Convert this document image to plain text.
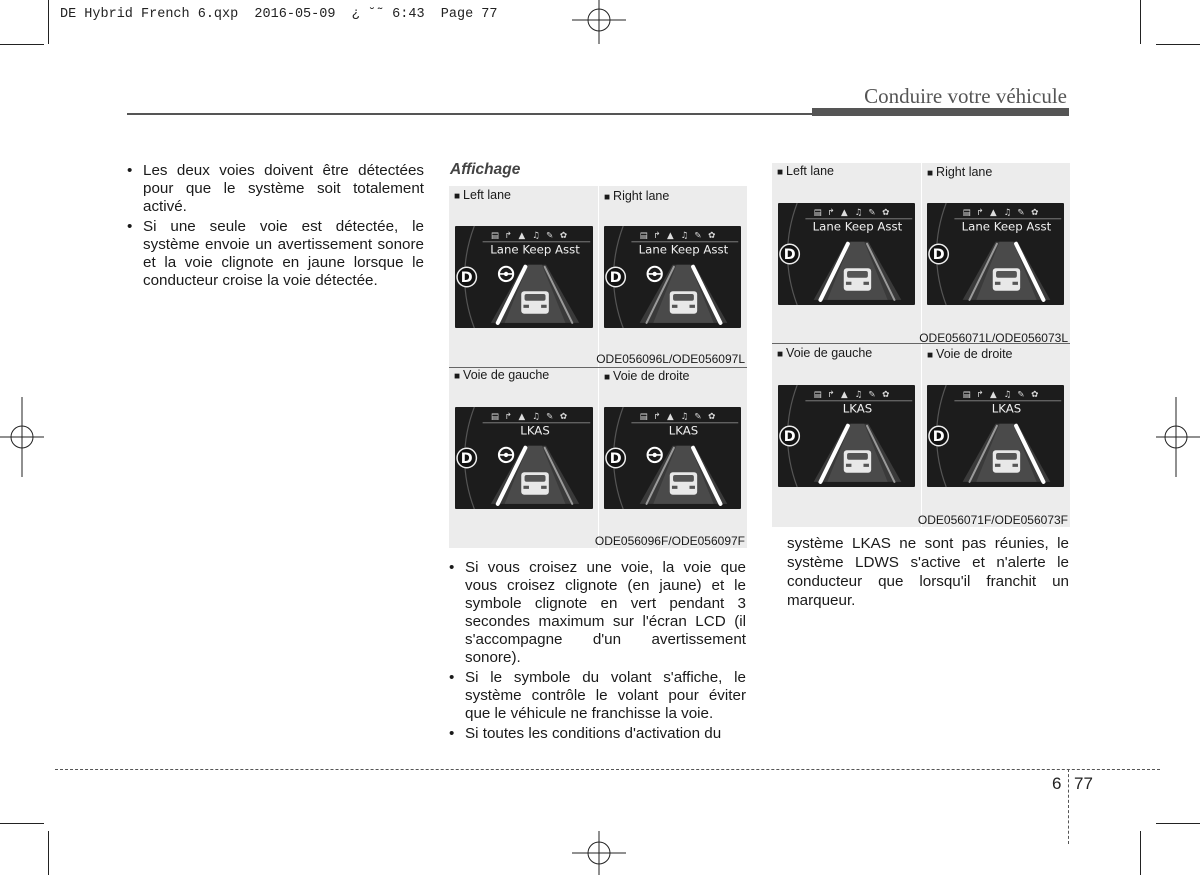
DE Hybrid French 6.qxp  2016-05-09  ¿ ˘˜ 6:43  Page 77
Conduire votre véhicule
• Les deux voies doivent être détectées pour que le système soit totalement activé.
• Si une seule voie est détectée, le système envoie un avertissement sonore et la voie clignote en jaune lorsque le conducteur croise la voie détectée.
Affichage
■ Left lane	■ Right lane
ODE056096L/ODE056097L
■ Voie de gauche	■ Voie de droite
ODE056096F/ODE056097F
▤ ↱ ▲ ♫ ✎ ✿
Lane Keep Asst
D
▤ ↱ ▲ ♫ ✎ ✿
Lane Keep Asst
D
▤ ↱ ▲ ♫ ✎ ✿
LKAS
D
▤ ↱ ▲ ♫ ✎ ✿
LKAS
D
■ Left lane	■ Right lane
ODE056071L/ODE056073L
■ Voie de gauche	■ Voie de droite
ODE056071F/ODE056073F
▤ ↱ ▲ ♫ ✎ ✿
Lane Keep Asst
D
▤ ↱ ▲ ♫ ✎ ✿
Lane Keep Asst
D
▤ ↱ ▲ ♫ ✎ ✿
LKAS
D
▤ ↱ ▲ ♫ ✎ ✿
LKAS
D
• Si vous croisez une voie, la voie que vous croisez clignote (en jaune) et le symbole clignote en vert pendant 3 secondes maximum sur l'écran LCD (il s'accompagne d'un avertissement sonore).
• Si le symbole du volant s'affiche, le système contrôle le volant pour éviter que le véhicule ne franchisse la voie.
• Si toutes les conditions d'activation du
système LKAS ne sont pas réunies, le système LDWS s'active et n'alerte le conducteur que lorsqu'il franchit un marqueur.
6 77
